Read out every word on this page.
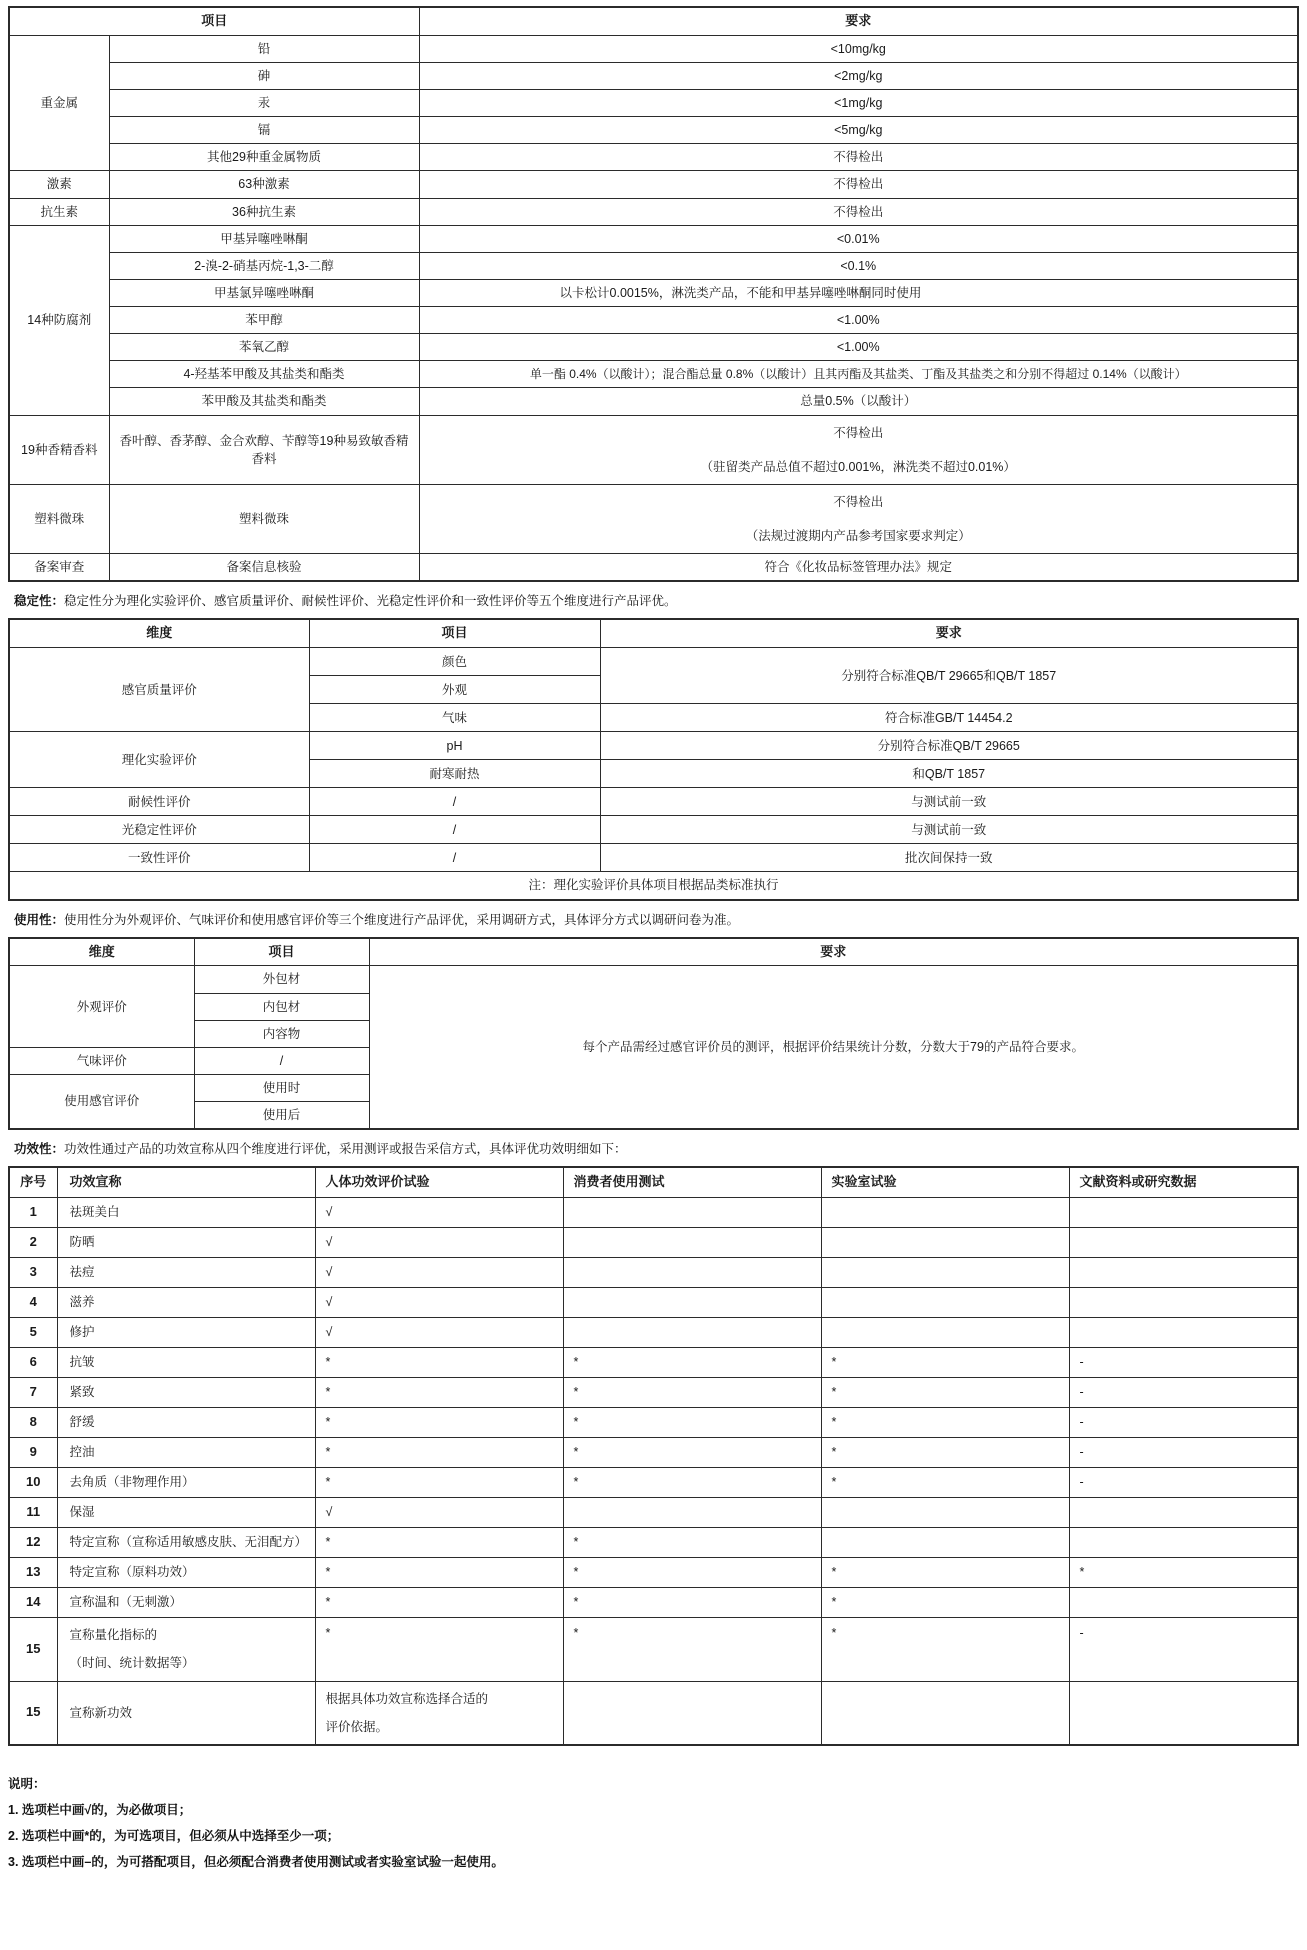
项目		要求
重金属	铅	<10mg/kg
	砷	<2mg/kg
	汞	<1mg/kg
	镉	<5mg/kg
	其他29种重金属物质	不得检出
激素	63种激素	不得检出
抗生素	36种抗生素	不得检出
14种防腐剂	甲基异噻唑啉酮	<0.01%
	2-溴-2-硝基丙烷-1,3-二醇	<0.1%
	甲基氯异噻唑啉酮	以卡松计0.0015%，淋洗类产品，不能和甲基异噻唑啉酮同时使用
	苯甲醇	<1.00%
	苯氧乙醇	<1.00%
	4-羟基苯甲酸及其盐类和酯类	单一酯 0.4%（以酸计）；混合酯总量 0.8%（以酸计）且其丙酯及其盐类、丁酯及其盐类之和分别不得超过 0.14%（以酸计）
	苯甲酸及其盐类和酯类	总量0.5%（以酸计）
19种香精香料	香叶醇、香茅醇、金合欢醇、苄醇等19种易致敏香精香料	不得检出
（驻留类产品总值不超过0.001%，淋洗类不超过0.01%）

塑料微珠	塑料微珠	不得检出
（法规过渡期内产品参考国家要求判定）

备案审查	备案信息核验	符合《化妆品标签管理办法》规定

稳定性：稳定性分为理化实验评价、感官质量评价、耐候性评价、光稳定性评价和一致性评价等五个维度进行产品评优。

维度	项目	要求
感官质量评价	颜色	分别符合标准QB/T 29665和QB/T 1857
	外观	
	气味	符合标准GB/T 14454.2
理化实验评价	pH	分别符合标准QB/T 29665
	耐寒耐热	和QB/T 1857
耐候性评价	/	与测试前一致
光稳定性评价	/	与测试前一致
一致性评价	/	批次间保持一致
注：理化实验评价具体项目根据品类标准执行		

使用性：使用性分为外观评价、气味评价和使用感官评价等三个维度进行产品评优，采用调研方式，具体评分方式以调研问卷为准。

维度	项目	要求
外观评价	外包材	每个产品需经过感官评价员的测评，根据评价结果统计分数，分数大于79的产品符合要求。
	内包材	
	内容物	
气味评价	/	
使用感官评价	使用时	
	使用后	

功效性：功效性通过产品的功效宣称从四个维度进行评优，采用测评或报告采信方式，具体评优功效明细如下：

序号	功效宣称	人体功效评价试验	消费者使用测试	实验室试验	文献资料或研究数据
1	祛斑美白	√			
2	防晒	√			
3	祛痘	√			
4	滋养	√			
5	修护	√			
6	抗皱	*	*	*	-
7	紧致	*	*	*	-
8	舒缓	*	*	*	-
9	控油	*	*	*	-
10	去角质（非物理作用）	*	*	*	-
11	保湿	√			
12	特定宣称（宣称适用敏感皮肤、无泪配方）	*	*		
13	特定宣称（原料功效）	*	*	*	*
14	宣称温和（无刺激）	*	*	*	
15	宣称量化指标的
（时间、统计数据等）	*	*	*	-
15	宣称新功效	根据具体功效宣称选择合适的
评价依据。			

说明：
1. 选项栏中画√的，为必做项目；
2. 选项栏中画*的，为可选项目，但必须从中选择至少一项；
3. 选项栏中画–的，为可搭配项目，但必须配合消费者使用测试或者实验室试验一起使用。
